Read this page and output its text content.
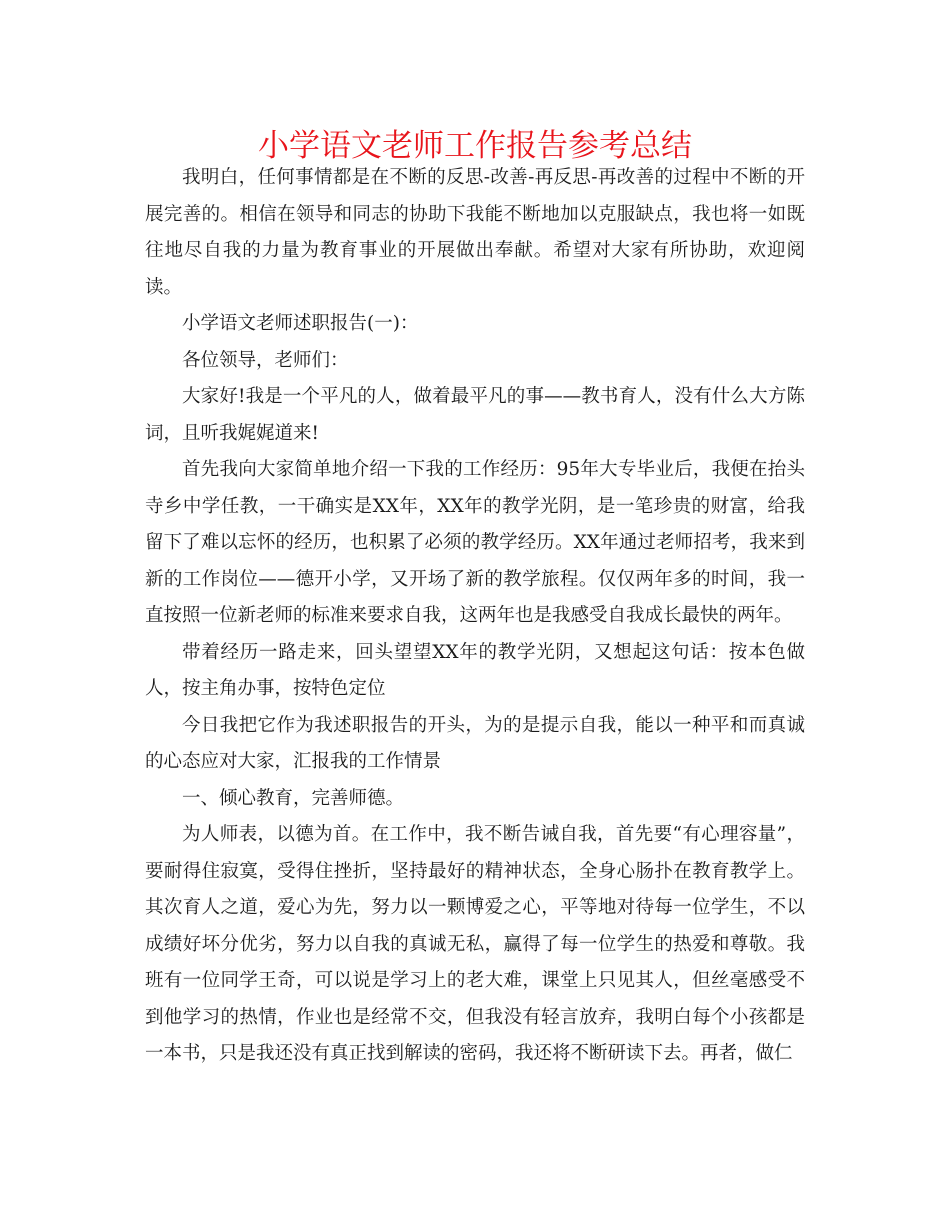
小学语文老师工作报告参考总结

我明白，任何事情都是在不断的反思-改善-再反思-再改善的过程中不断的开展完善的。相信在领导和同志的协助下我能不断地加以克服缺点，我也将一如既往地尽自我的力量为教育事业的开展做出奉献。希望对大家有所协助，欢迎阅读。

小学语文老师述职报告(一)：

各位领导，老师们：

大家好!我是一个平凡的人，做着最平凡的事——教书育人，没有什么大方陈词，且听我娓娓道来!

首先我向大家简单地介绍一下我的工作经历：95年大专毕业后，我便在抬头寺乡中学任教，一干确实是XX年，XX年的教学光阴，是一笔珍贵的财富，给我留下了难以忘怀的经历，也积累了必须的教学经历。XX年通过老师招考，我来到新的工作岗位——德开小学，又开场了新的教学旅程。仅仅两年多的时间，我一直按照一位新老师的标准来要求自我，这两年也是我感受自我成长最快的两年。

带着经历一路走来，回头望望XX年的教学光阴，又想起这句话：按本色做人，按主角办事，按特色定位

今日我把它作为我述职报告的开头，为的是提示自我，能以一种平和而真诚的心态应对大家，汇报我的工作情景

一、倾心教育，完善师德。

为人师表，以德为首。在工作中，我不断告诫自我，首先要“有心理容量”，要耐得住寂寞，受得住挫折，坚持最好的精神状态，全身心肠扑在教育教学上。其次育人之道，爱心为先，努力以一颗博爱之心，平等地对待每一位学生，不以成绩好坏分优劣，努力以自我的真诚无私，赢得了每一位学生的热爱和尊敬。我班有一位同学王奇，可以说是学习上的老大难，课堂上只见其人，但丝毫感受不到他学习的热情，作业也是经常不交，但我没有轻言放弃，我明白每个小孩都是一本书，只是我还没有真正找到解读的密码，我还将不断研读下去。再者，做仁
